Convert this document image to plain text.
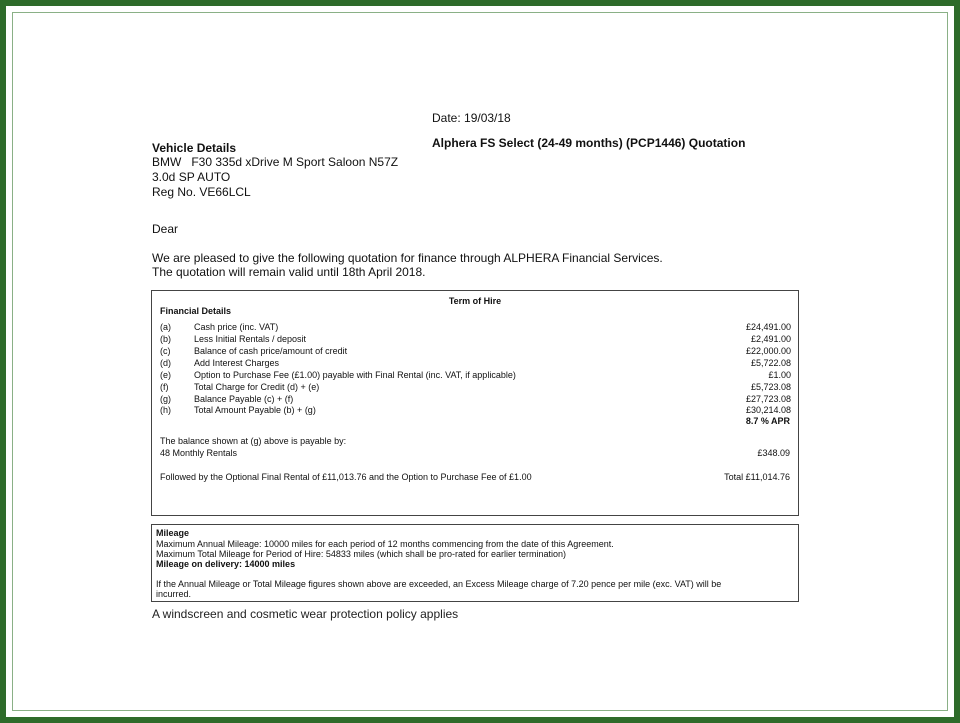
Date: 19/03/18
Alphera FS Select (24-49 months) (PCP1446) Quotation
Vehicle Details
BMW   F30 335d xDrive M Sport Saloon N57Z
3.0d SP AUTO
Reg No. VE66LCL
Dear
We are pleased to give the following quotation for finance through ALPHERA Financial Services.
The quotation will remain valid until 18th April 2018.
Term of Hire
Financial Details
(a)	Cash price (inc. VAT)	£24,491.00
(b)	Less Initial Rentals / deposit	£2,491.00
(c)	Balance of cash price/amount of credit	£22,000.00
(d)	Add Interest Charges	£5,722.08
(e)	Option to Purchase Fee (£1.00) payable with Final Rental (inc. VAT, if applicable)	£1.00
(f)	Total Charge for Credit (d) + (e)	£5,723.08
(g)	Balance Payable (c) + (f)	£27,723.08
(h)	Total Amount Payable (b) + (g)	£30,214.08
8.7 % APR
The balance shown at (g) above is payable by:
48 Monthly Rentals	£348.09
Followed by the Optional Final Rental of £11,013.76 and the Option to Purchase Fee of £1.00	Total £11,014.76
Mileage
Maximum Annual Mileage: 10000 miles for each period of 12 months commencing from the date of this Agreement.
Maximum Total Mileage for Period of Hire: 54833 miles (which shall be pro-rated for earlier termination)
Mileage on delivery: 14000 miles
If the Annual Mileage or Total Mileage figures shown above are exceeded, an Excess Mileage charge of 7.20 pence per mile (exc. VAT) will be
incurred.
A windscreen and cosmetic wear protection policy applies
